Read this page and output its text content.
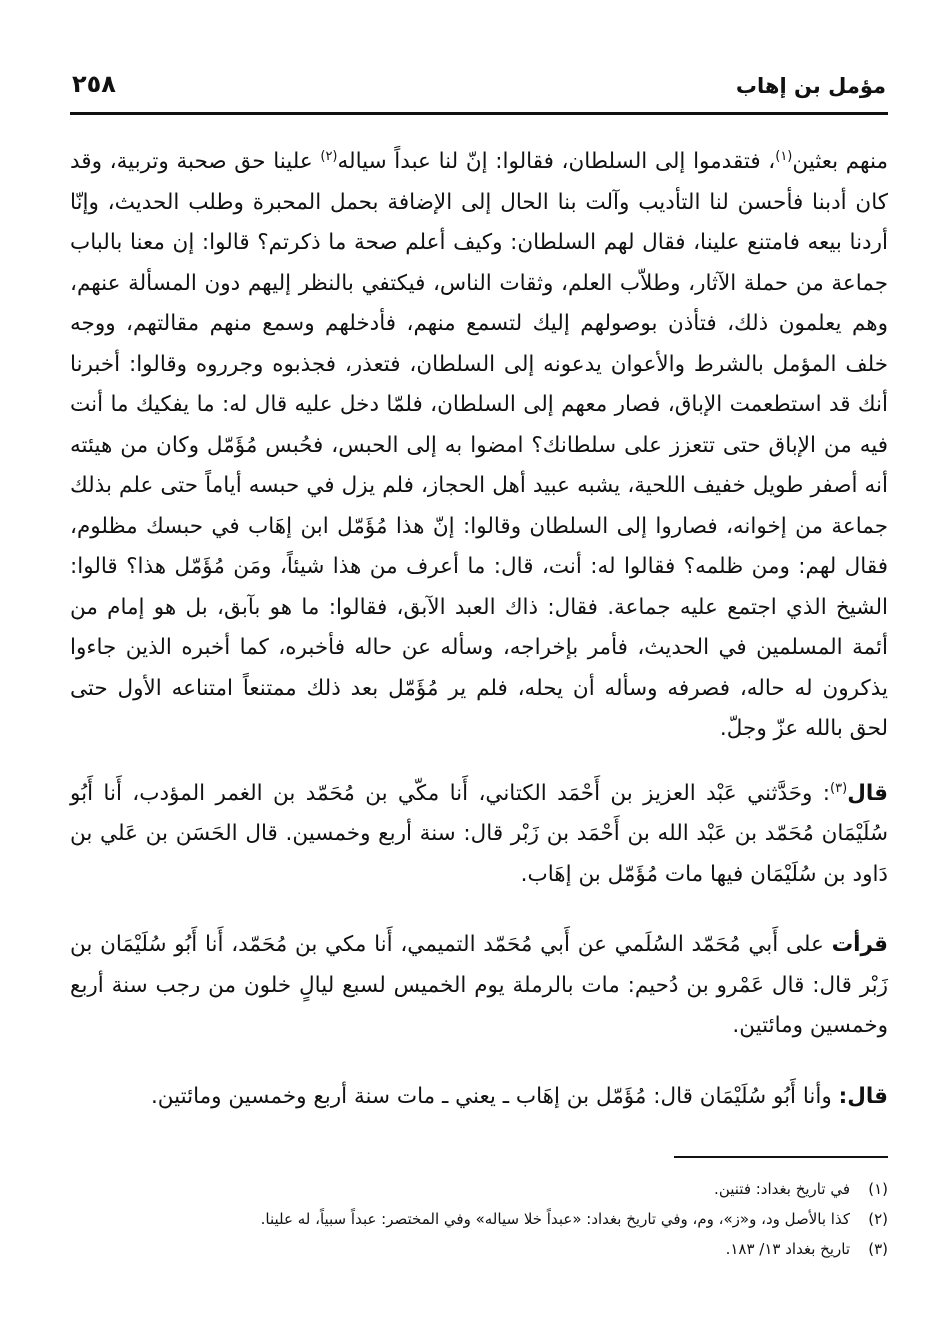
مؤمل بن إهاب
٢٥٨

منهم بعثين$^{(١)}$، فتقدموا إلى السلطان، فقالوا: إنّ لنا عبداً سياله$^{(٢)}$ علينا حق صحبة وتربية، وقد كان أدبنا فأحسن لنا التأديب وآلت بنا الحال إلى الإضافة بحمل المحبرة وطلب الحديث، وإنّا أردنا بيعه فامتنع علينا، فقال لهم السلطان: وكيف أعلم صحة ما ذكرتم؟ قالوا: إن معنا بالباب جماعة من حملة الآثار، وطلاّب العلم، وثقات الناس، فيكتفي بالنظر إليهم دون المسألة عنهم، وهم يعلمون ذلك، فتأذن بوصولهم إليك لتسمع منهم، فأدخلهم وسمع منهم مقالتهم، ووجه خلف المؤمل بالشرط والأعوان يدعونه إلى السلطان، فتعذر، فجذبوه وجرروه وقالوا: أخبرنا أنك قد استطعمت الإباق، فصار معهم إلى السلطان، فلمّا دخل عليه قال له: ما يفكيك ما أنت فيه من الإباق حتى تتعزز على سلطانك؟ امضوا به إلى الحبس، فحُبس مُؤَمّل وكان من هيئته أنه أصفر طويل خفيف اللحية، يشبه عبيد أهل الحجاز، فلم يزل في حبسه أياماً حتى علم بذلك جماعة من إخوانه، فصاروا إلى السلطان وقالوا: إنّ هذا مُؤَمّل ابن إهَاب في حبسك مظلوم، فقال لهم: ومن ظلمه؟ فقالوا له: أنت، قال: ما أعرف من هذا شيئاً، ومَن مُؤَمّل هذا؟ قالوا: الشيخ الذي اجتمع عليه جماعة. فقال: ذاك العبد الآبق، فقالوا: ما هو بآبق، بل هو إمام من أئمة المسلمين في الحديث، فأمر بإخراجه، وسأله عن حاله فأخبره، كما أخبره الذين جاءوا يذكرون له حاله، فصرفه وسأله أن يحله، فلم ير مُؤَمّل بعد ذلك ممتنعاً امتناعه الأول حتى لحق بالله عزّ وجلّ.

قال$^{(٣)}$: وحَدَّثني عَبْد العزيز بن أَحْمَد الكتاني، أَنا مكّي بن مُحَمّد بن الغمر المؤدب، أَنا أَبُو سُلَيْمَان مُحَمّد بن عَبْد الله بن أَحْمَد بن زَبْر قال: سنة أربع وخمسين. قال الحَسَن بن عَلي بن دَاود بن سُلَيْمَان فيها مات مُؤَمّل بن إهَاب.

قرأت على أَبي مُحَمّد السُلَمي عن أَبي مُحَمّد التميمي، أَنا مكي بن مُحَمّد، أَنا أَبُو سُلَيْمَان بن زَبْر قال: قال عَمْرو بن دُحيم: مات بالرملة يوم الخميس لسبع ليالٍ خلون من رجب سنة أربع وخمسين ومائتين.

قال: وأنا أَبُو سُلَيْمَان قال: مُؤَمّل بن إهَاب ـ يعني ـ مات سنة أربع وخمسين ومائتين.

(١)
في تاريخ بغداد: فتنين.
(٢)
كذا بالأصل ود، و«ز»، وم، وفي تاريخ بغداد: «عبداً خلا سياله» وفي المختصر: عبداً سبياً، له علينا.
(٣)
تاريخ بغداد ١٣/ ١٨٣.
